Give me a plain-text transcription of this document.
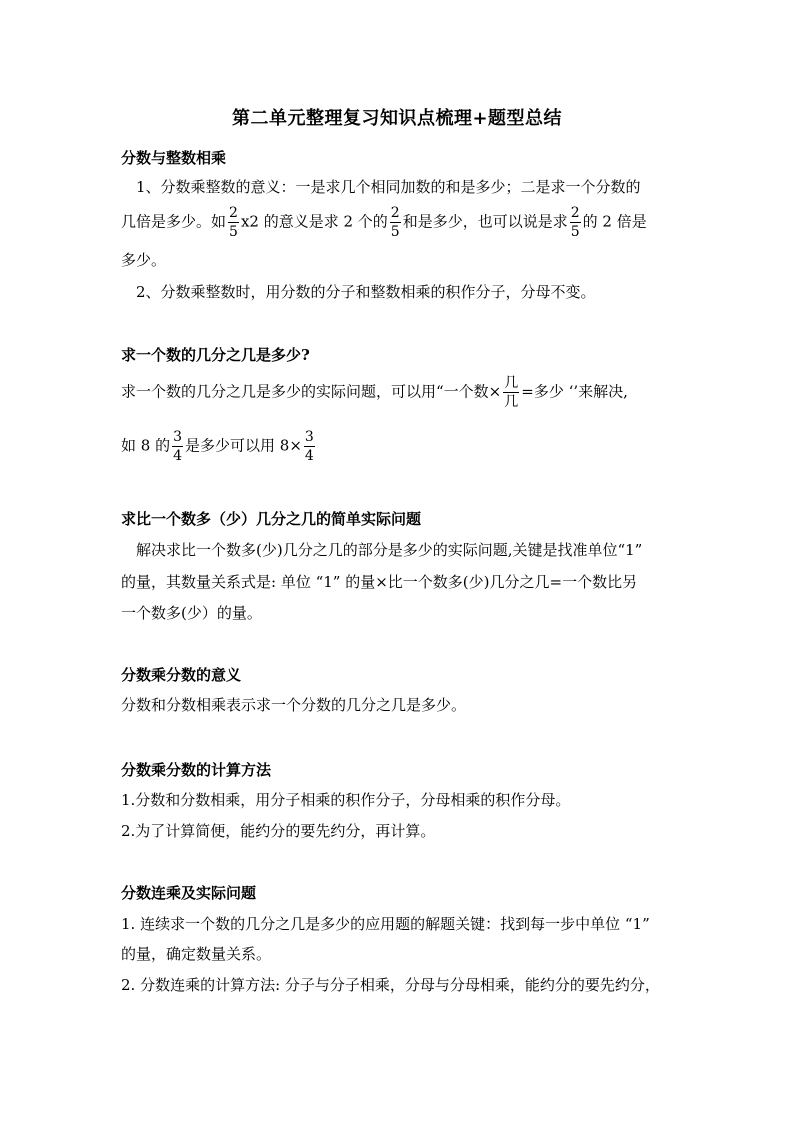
第二单元整理复习知识点梳理+题型总结
分数与整数相乘
1、分数乘整数的意义：一是求几个相同加数的和是多少；二是求一个分数的
几倍是多少。如 $\frac{2}{5} x2$ 的意义是求 2 个的 $\frac{2}{5}$ 和是多少，也可以说是求 $\frac{2}{5}$ 的 2 倍是
多少。
2、分数乘整数时，用分数的分子和整数相乘的积作分子，分母不变。
求一个数的几分之几是多少?
求一个数的几分之几是多少的实际问题，可以用“一个数× $\frac{\text{几}}{\text{几}}$ =多少 ‘’来解决,
如 8 的 $\frac{3}{4}$ 是多少可以用 $8\times \frac{3}{4}$
求比一个数多（少）几分之几的简单实际问题
解决求比一个数多(少)几分之几的部分是多少的实际问题,关键是找准单位“1”
的量，其数量关系式是: 单位 “1” 的量×比一个数多(少)几分之几=一个数比另
一个数多(少）的量。
分数乘分数的意义
分数和分数相乘表示求一个分数的几分之几是多少。
分数乘分数的计算方法
1.分数和分数相乘，用分子相乘的积作分子，分母相乘的积作分母。
2.为了计算简便，能约分的要先约分，再计算。
分数连乘及实际问题
1. 连续求一个数的几分之几是多少的应用题的解题关键：找到每一步中单位 “1”
的量，确定数量关系。
2. 分数连乘的计算方法: 分子与分子相乘，分母与分母相乘，能约分的要先约分，
